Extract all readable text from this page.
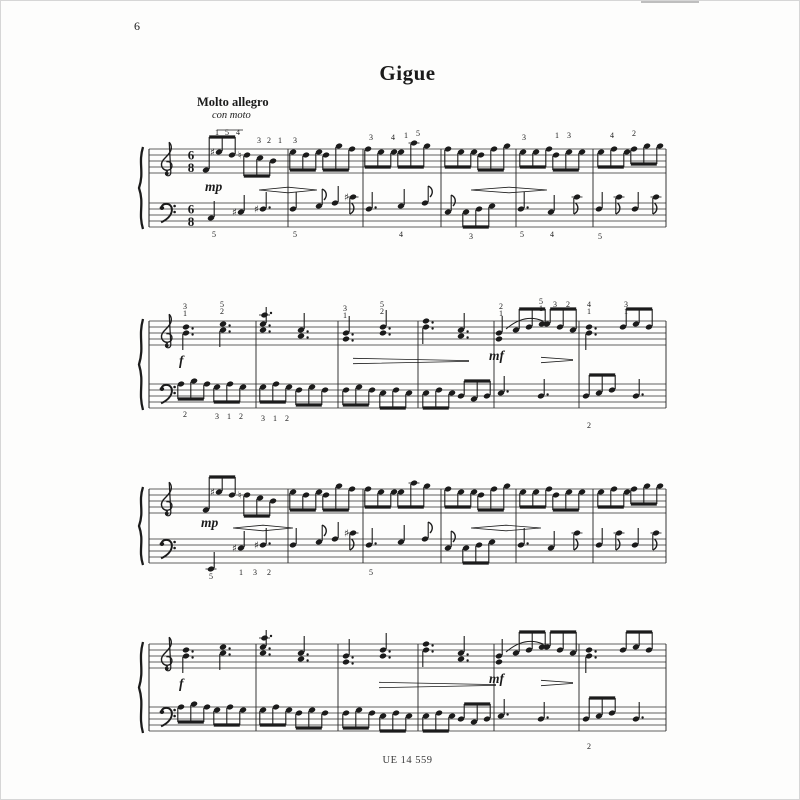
6
Gigue
Molto allegro
con moto
6
8
6
8
♯ ♮
♯ ♯
♯
mp
1 5 4
3 2 1 3	3 4 1 5	3	1 3	4 2
5	5	4	3	5	4	5
f	mf
3
1
5
2	3
1
5
2
2
1
5
1 3 2 4
1
3
1
2	3 1 2 3 1 2
2
♯ ♮
♯ ♯
♯
mp
5	1 3 2	5
f	mf
2
UE 14 559
